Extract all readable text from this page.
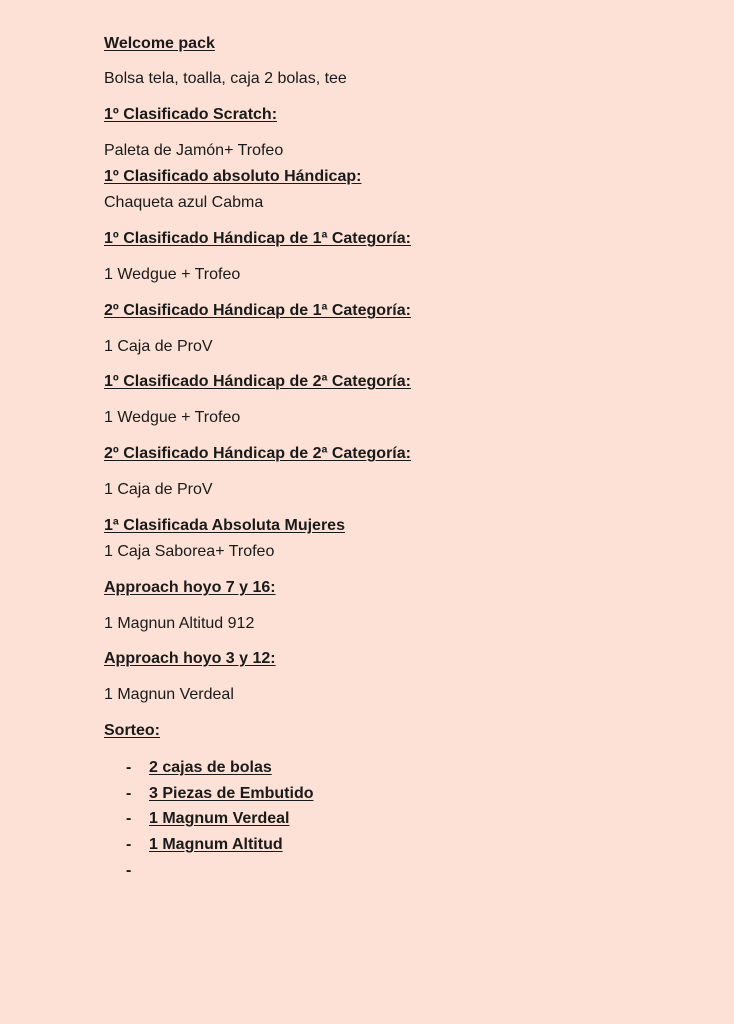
Welcome pack

Bolsa tela, toalla, caja 2 bolas, tee

1º Clasificado Scratch:

Paleta de Jamón+ Trofeo

1º Clasificado absoluto Hándicap:

Chaqueta azul Cabma

1º Clasificado Hándicap de 1ª Categoría:

1 Wedgue + Trofeo

2º Clasificado Hándicap de 1ª Categoría:

1 Caja de ProV

1º Clasificado Hándicap de 2ª Categoría:

1 Wedgue + Trofeo

2º Clasificado Hándicap de 2ª Categoría:

1 Caja de ProV

1ª Clasificada Absoluta Mujeres

1 Caja Saborea+ Trofeo

Approach hoyo 7 y 16:

1 Magnun Altitud 912

Approach hoyo 3 y 12:

1 Magnun Verdeal

Sorteo:

- 2 cajas de bolas

- 3 Piezas de Embutido

- 1 Magnum Verdeal

- 1 Magnum Altitud

-
